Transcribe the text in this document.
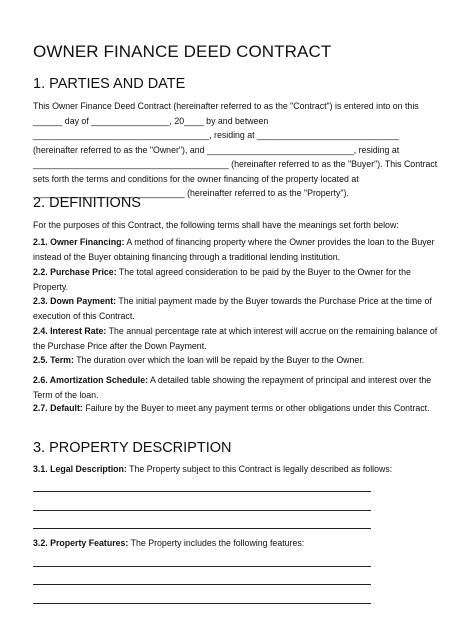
OWNER FINANCE DEED CONTRACT
1. PARTIES AND DATE
This Owner Finance Deed Contract (hereinafter referred to as the "Contract") is entered into on this ______ day of ________________, 20____ by and between ____________________________________, residing at _____________________________ (hereinafter referred to as the "Owner"), and ______________________________, residing at ________________________________________ (hereinafter referred to as the "Buyer"). This Contract sets forth the terms and conditions for the owner financing of the property located at _______________________________ (hereinafter referred to as the "Property").
2. DEFINITIONS
For the purposes of this Contract, the following terms shall have the meanings set forth below:
2.1. Owner Financing: A method of financing property where the Owner provides the loan to the Buyer instead of the Buyer obtaining financing through a traditional lending institution.
2.2. Purchase Price: The total agreed consideration to be paid by the Buyer to the Owner for the Property.
2.3. Down Payment: The initial payment made by the Buyer towards the Purchase Price at the time of execution of this Contract.
2.4. Interest Rate: The annual percentage rate at which interest will accrue on the remaining balance of the Purchase Price after the Down Payment.
2.5. Term: The duration over which the loan will be repaid by the Buyer to the Owner.
2.6. Amortization Schedule: A detailed table showing the repayment of principal and interest over the Term of the loan.
2.7. Default: Failure by the Buyer to meet any payment terms or other obligations under this Contract.
3. PROPERTY DESCRIPTION
3.1. Legal Description: The Property subject to this Contract is legally described as follows:
3.2. Property Features: The Property includes the following features:
